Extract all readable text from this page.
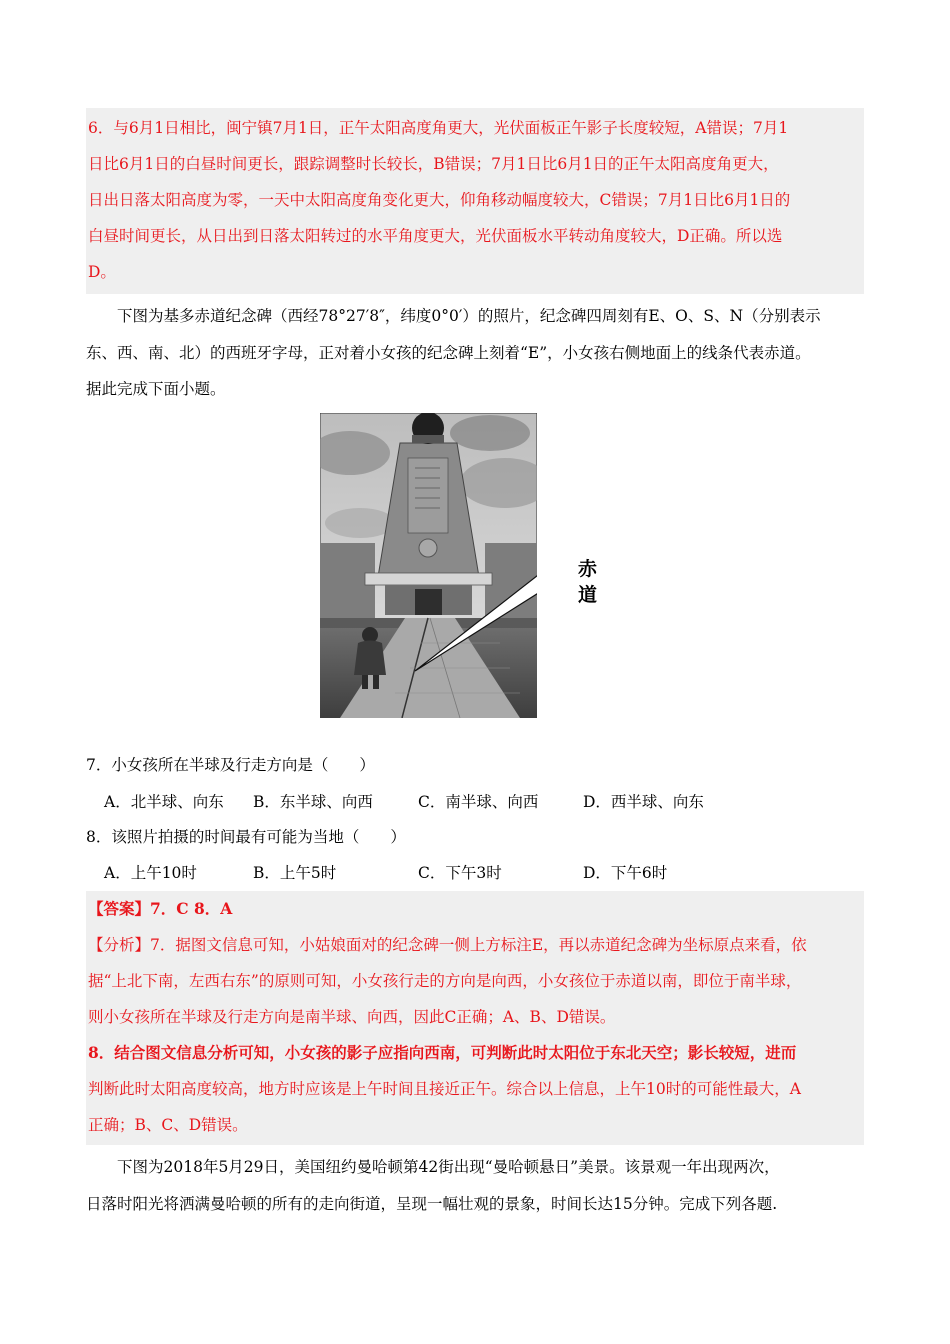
6．与6月1日相比，闽宁镇7月1日，正午太阳高度角更大，光伏面板正午影子长度较短，A错误；7月1

日比6月1日的白昼时间更长，跟踪调整时长较长，B错误；7月1日比6月1日的正午太阳高度角更大，

日出日落太阳高度为零，一天中太阳高度角变化更大，仰角移动幅度较大，C错误；7月1日比6月1日的

白昼时间更长，从日出到日落太阳转过的水平角度更大，光伏面板水平转动角度较大，D正确。所以选

D。

下图为基多赤道纪念碑（西经78°27′8″，纬度0°0′）的照片，纪念碑四周刻有E、O、S、N（分别表示

东、西、南、北）的西班牙字母，正对着小女孩的纪念碑上刻着“E”，小女孩右侧地面上的线条代表赤道。

据此完成下面小题。

赤道
7．小女孩所在半球及行走方向是（　　）
A．北半球、向东 B．东半球、向西	C．南半球、向西	D．西半球、向东
8．该照片拍摄的时间最有可能为当地（　　）
A．上午10时	B．上午5时	C．下午3时	D．下午6时

【答案】7．C 8．A

【分析】7．据图文信息可知，小姑娘面对的纪念碑一侧上方标注E，再以赤道纪念碑为坐标原点来看，依

据“上北下南，左西右东”的原则可知，小女孩行走的方向是向西，小女孩位于赤道以南，即位于南半球，

则小女孩所在半球及行走方向是南半球、向西，因此C正确；A、B、D错误。

8．结合图文信息分析可知，小女孩的影子应指向西南，可判断此时太阳位于东北天空；影长较短，进而

判断此时太阳高度较高，地方时应该是上午时间且接近正午。综合以上信息，上午10时的可能性最大，A

正确；B、C、D错误。

下图为2018年5月29日，美国纽约曼哈顿第42街出现“曼哈顿悬日”美景。该景观一年出现两次，

日落时阳光将洒满曼哈顿的所有的走向街道，呈现一幅壮观的景象，时间长达15分钟。完成下列各题.
